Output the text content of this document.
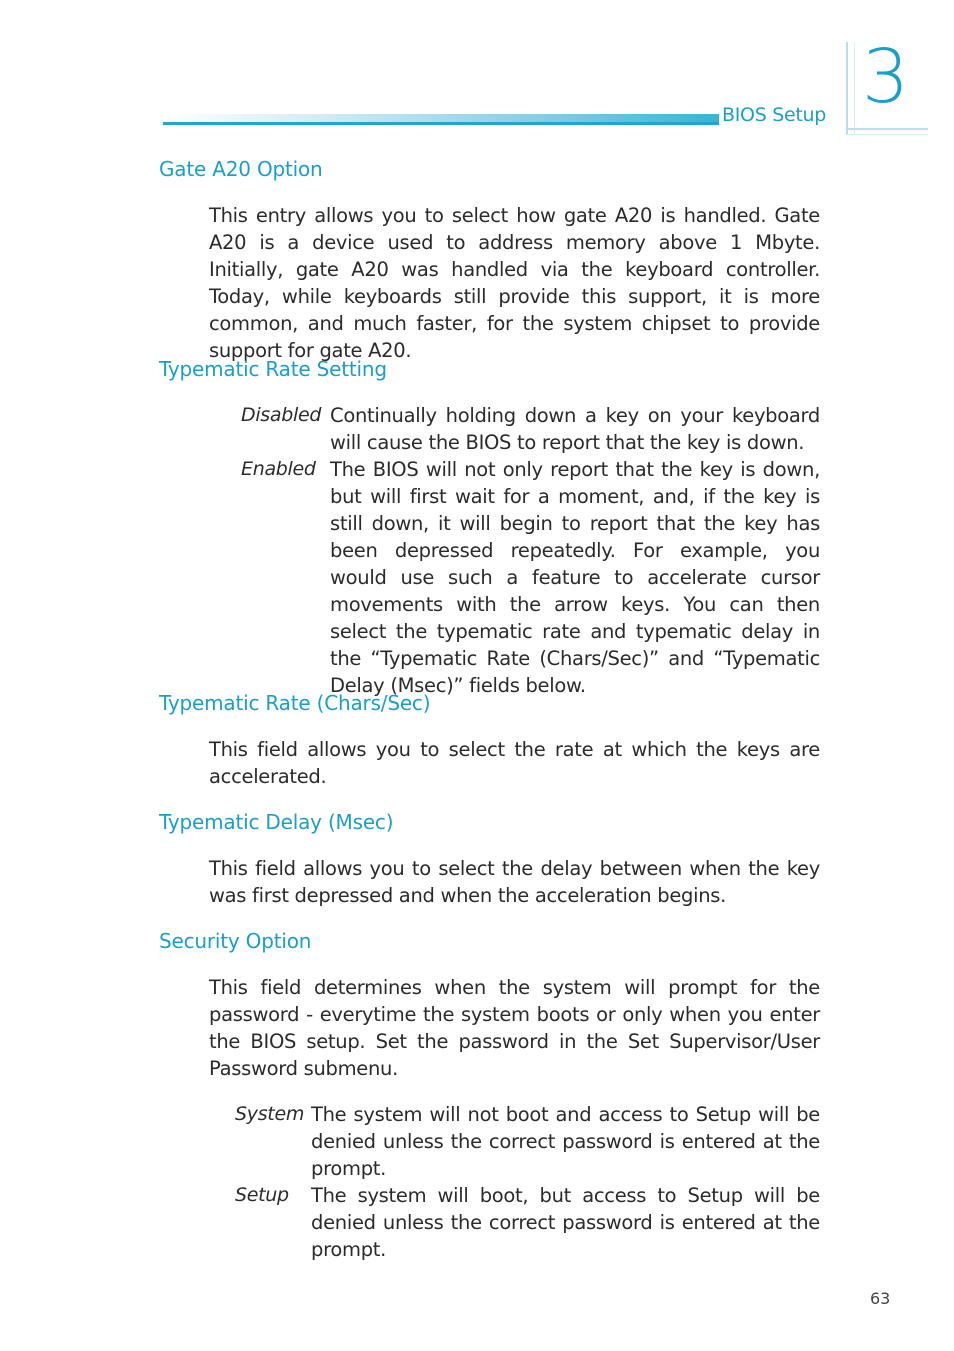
BIOS Setup 3
Gate A20 Option
This entry allows you to select how gate A20 is handled. Gate A20 is a device used to address memory above 1 Mbyte. Initially, gate A20 was handled via the keyboard controller. Today, while keyboards still provide this support, it is more common, and much faster, for the system chipset to provide support for gate A20.
Typematic Rate Setting
Disabled Continually holding down a key on your keyboard will cause the BIOS to report that the key is down.
Enabled The BIOS will not only report that the key is down, but will first wait for a moment, and, if the key is still down, it will begin to report that the key has been depressed repeatedly. For example, you would use such a feature to accelerate cursor movements with the arrow keys. You can then select the typematic rate and typematic delay in the “Typematic Rate (Chars/Sec)” and “Typematic Delay (Msec)” fields below.
Typematic Rate (Chars/Sec)
This field allows you to select the rate at which the keys are accelerated.
Typematic Delay (Msec)
This field allows you to select the delay between when the key was first depressed and when the acceleration begins.
Security Option
This field determines when the system will prompt for the password - everytime the system boots or only when you enter the BIOS setup. Set the password in the Set Supervisor/User Password submenu.
System The system will not boot and access to Setup will be denied unless the correct password is entered at the prompt.
Setup The system will boot, but access to Setup will be denied unless the correct password is entered at the prompt.
63
